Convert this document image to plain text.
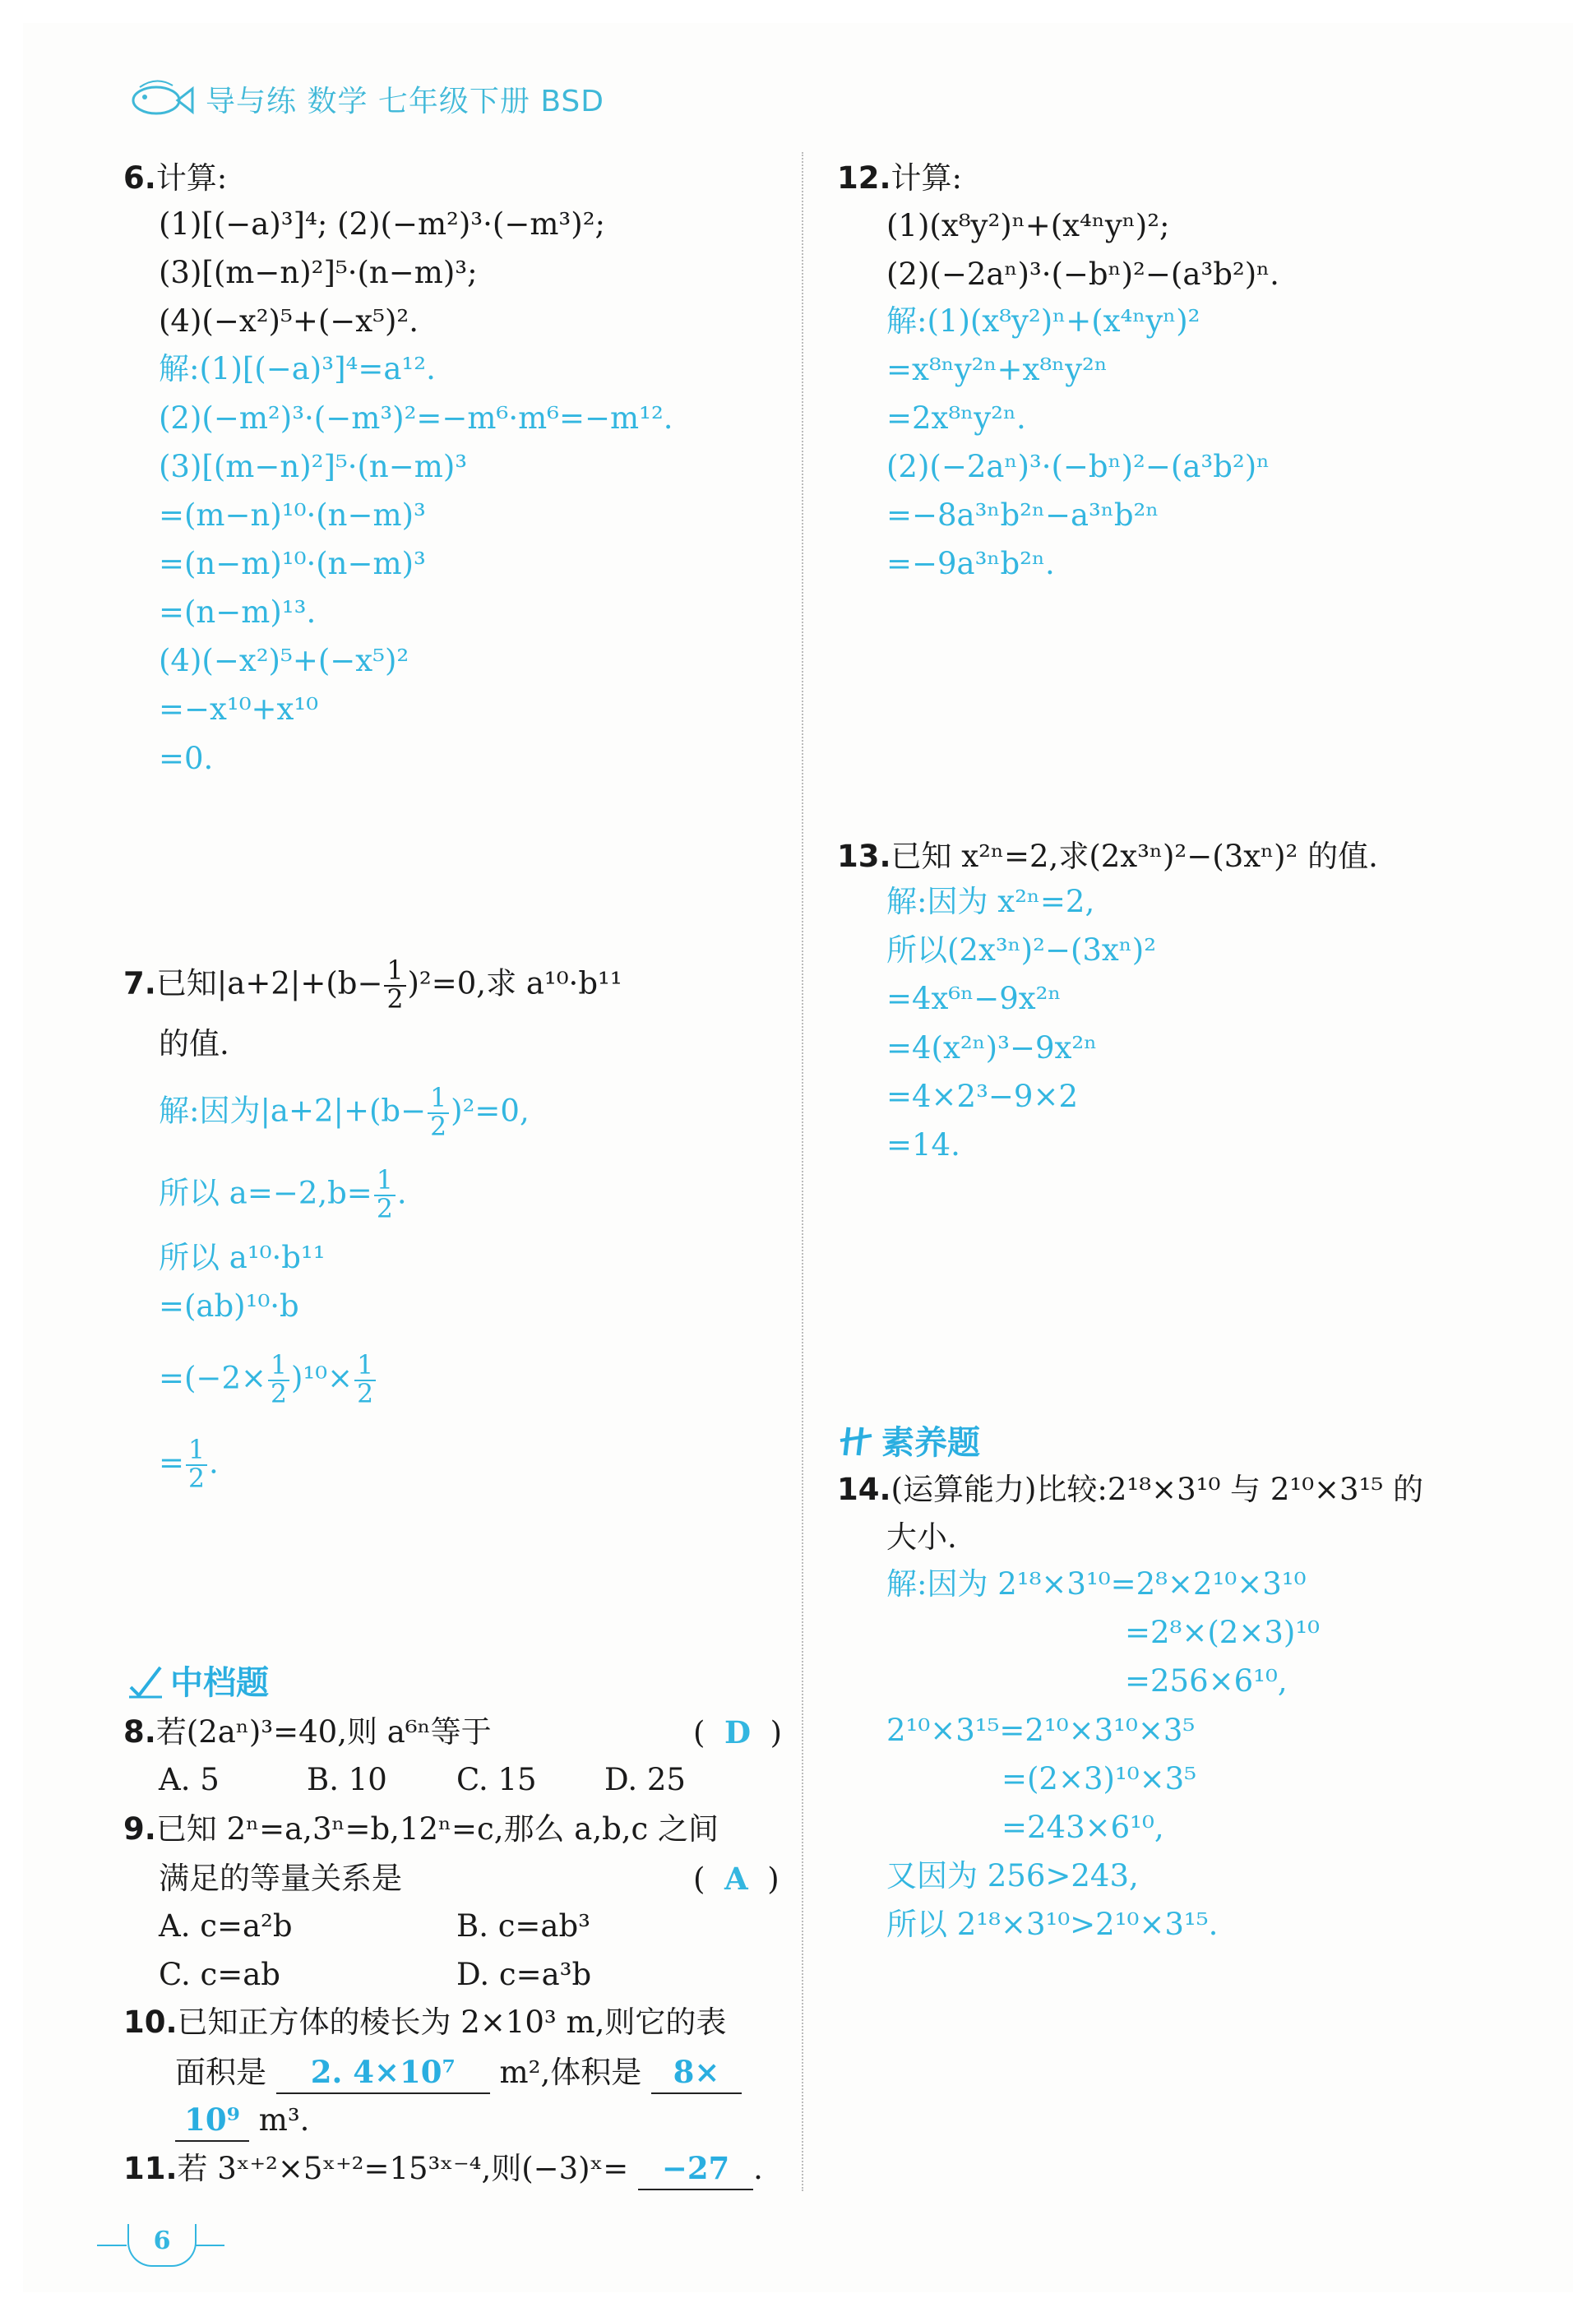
导与练 数学 七年级下册 BSD
6.计算:
(1)[(−a)³]⁴; (2)(−m²)³·(−m³)²;
(3)[(m−n)²]⁵·(n−m)³;
(4)(−x²)⁵+(−x⁵)².
解:(1)[(−a)³]⁴=a¹².
(2)(−m²)³·(−m³)²=−m⁶·m⁶=−m¹².
(3)[(m−n)²]⁵·(n−m)³
=(m−n)¹⁰·(n−m)³
=(n−m)¹⁰·(n−m)³
=(n−m)¹³.
(4)(−x²)⁵+(−x⁵)²
=−x¹⁰+x¹⁰
=0.
7.已知$|a+2|+(b- \frac{1}{2} )^2=0$,求 a¹⁰·b¹¹
的值.
解:因为$|a+2|+(b- \frac{1}{2} )^2=0$,
所以 $a=-2,b= \frac{1}{2}$ .
所以 a¹⁰·b¹¹
=(ab)¹⁰·b
$=(-2\times \frac{1}{2} )^{10}\times \frac{1}{2}$
= $\frac{1}{2}$ .
中档题
8.若(2aⁿ)³=40,则 a⁶ⁿ等于	(  D  )
A. 5	B. 10 C. 15 D. 25
9.已知 2ⁿ=a,3ⁿ=b,12ⁿ=c,那么 a,b,c 之间
满足的等量关系是	(  A  )
A. c=a²b	B. c=ab³
C. c=ab	D. c=a³b
10.已知正方体的棱长为 2×10³ m,则它的表
面积是 2. 4×10⁷ m²,体积是 8×
10⁹ m³.
11.若 3ˣ⁺²×5ˣ⁺²=15³ˣ⁻⁴,则(−3)ˣ= −27 .
12.计算:
(1)(x⁸y²)ⁿ+(x⁴ⁿyⁿ)²;
(2)(−2aⁿ)³·(−bⁿ)²−(a³b²)ⁿ.
解:(1)(x⁸y²)ⁿ+(x⁴ⁿyⁿ)²
=x⁸ⁿy²ⁿ+x⁸ⁿy²ⁿ
=2x⁸ⁿy²ⁿ.
(2)(−2aⁿ)³·(−bⁿ)²−(a³b²)ⁿ
=−8a³ⁿb²ⁿ−a³ⁿb²ⁿ
=−9a³ⁿb²ⁿ.
13.已知 x²ⁿ=2,求(2x³ⁿ)²−(3xⁿ)² 的值.
解:因为 x²ⁿ=2,
所以(2x³ⁿ)²−(3xⁿ)²
=4x⁶ⁿ−9x²ⁿ
=4(x²ⁿ)³−9x²ⁿ
=4×2³−9×2
=14.
素养题
14.(运算能力)比较:2¹⁸×3¹⁰ 与 2¹⁰×3¹⁵ 的
大小.
解:因为 2¹⁸×3¹⁰=2⁸×2¹⁰×3¹⁰
=2⁸×(2×3)¹⁰
=256×6¹⁰,
2¹⁰×3¹⁵=2¹⁰×3¹⁰×3⁵
=(2×3)¹⁰×3⁵
=243×6¹⁰,
又因为 256>243,
所以 2¹⁸×3¹⁰>2¹⁰×3¹⁵.
6
